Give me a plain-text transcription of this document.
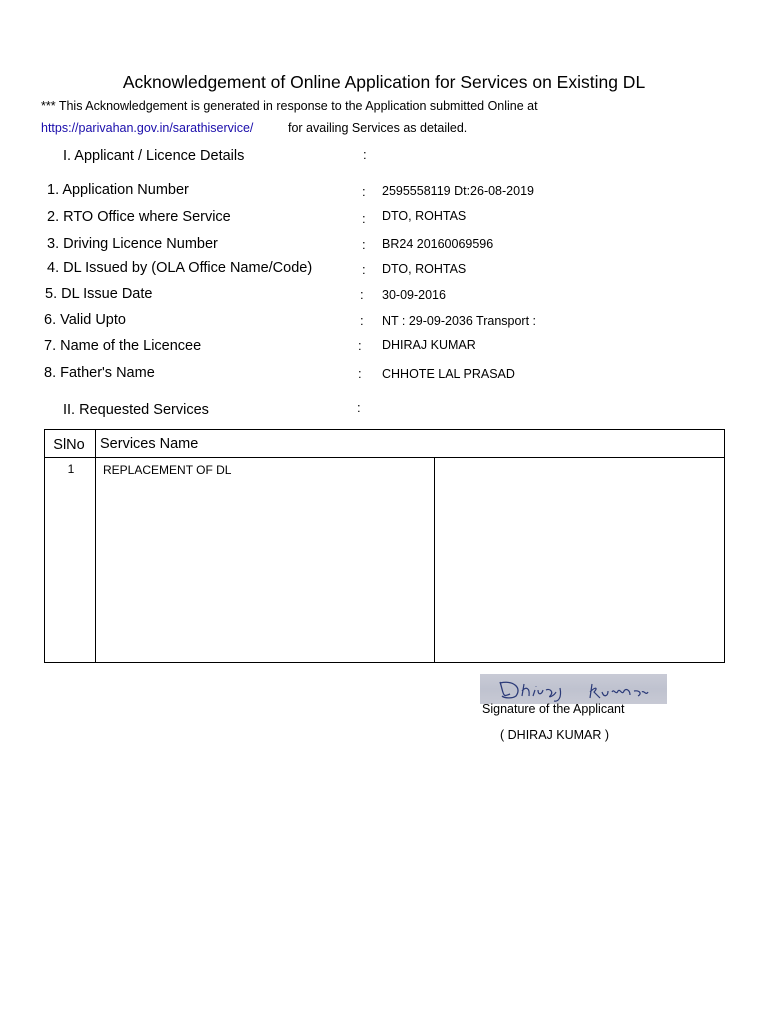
Acknowledgement of Online Application for Services on Existing DL
*** This Acknowledgement is generated in response to the Application submitted Online at
https://parivahan.gov.in/sarathiservice/	for availing Services as detailed.
I. Applicant / Licence Details	:
1. Application Number	: 2595558119 Dt:26-08-2019
2. RTO Office where Service	: DTO, ROHTAS
3. Driving Licence Number	: BR24 20160069596
4. DL Issued by (OLA Office Name/Code)	: DTO, ROHTAS
5. DL Issue Date	: 30-09-2016
6. Valid Upto	: NT : 29-09-2036 Transport :
7. Name of the Licencee	: DHIRAJ KUMAR
8. Father's Name	: CHHOTE LAL PRASAD
II. Requested Services	:
SlNo	Services Name
1	REPLACEMENT OF DL
Signature of the Applicant
( DHIRAJ KUMAR )
